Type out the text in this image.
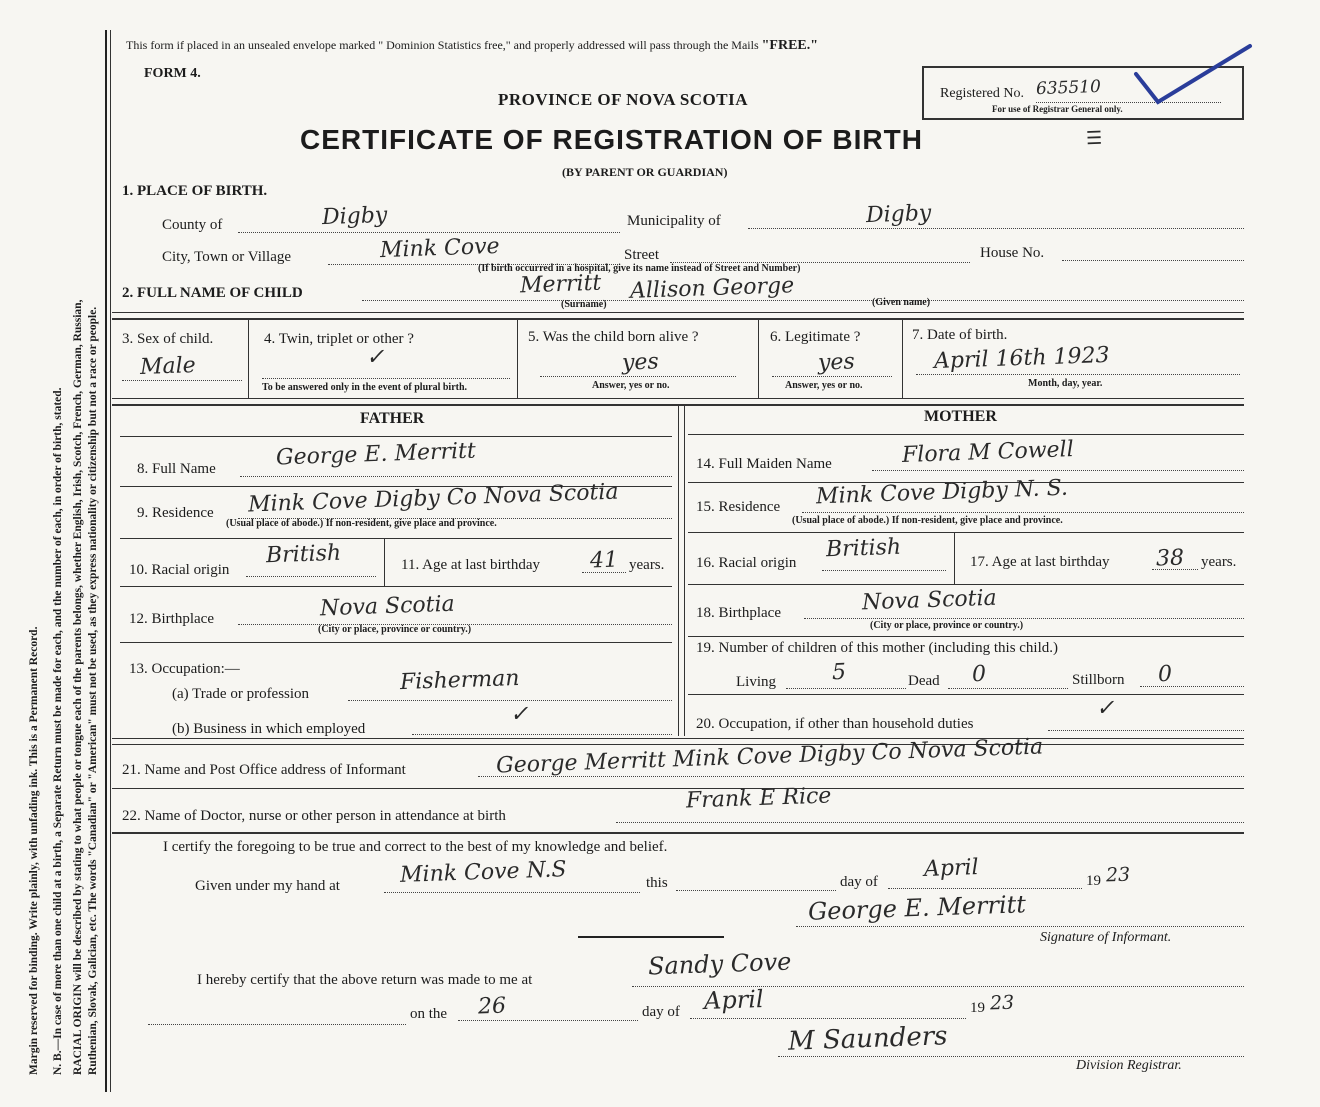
Margin reserved for binding. Write plainly, with unfading ink. This is a Permanent Record. N. B.—In case of more than one child at a birth, a Separate Return must be made for each, and the number of each, in order of birth, stated. RACIAL ORIGIN will be described by stating to what people or tongue each of the parents belongs, whether English, Irish, Scotch, French, German, Russian, Ruthenian, Slovak, Galician, etc. The words "Canadian" or "American" must not be used, as they express nationality or citizenship but not a race or people.
This form if placed in an unsealed envelope marked " Dominion Statistics free," and properly addressed will pass through the Mails "FREE."
FORM 4.
PROVINCE OF NOVA SCOTIA
CERTIFICATE OF REGISTRATION OF BIRTH
(BY PARENT OR GUARDIAN)
Registered No. 635510
For use of Registrar General only.
☰
1. PLACE OF BIRTH.
County of	Digby	Municipality of	Digby
City, Town or Village	Mink Cove	Street	House No.
(If birth occurred in a hospital, give its name instead of Street and Number)
2. FULL NAME OF CHILD	Merritt Allison George
(Surname)	(Given name)
3. Sex of child.
Male
4. Twin, triplet or other ?
✓
To be answered only in the event of plural birth.
5. Was the child born alive ?
yes
Answer, yes or no.
6. Legitimate ?
yes
Answer, yes or no.
7. Date of birth.
April 16th 1923
Month, day, year.
FATHER
8. Full Name	George E. Merritt
9. Residence Mink Cove Digby Co Nova Scotia
(Usual place of abode.) If non-resident, give place and province.
10. Racial origin
British	11. Age at last birthday 41 years.
12. Birthplace	Nova Scotia
(City or place, province or country.)
13. Occupation:—
(a) Trade or profession	Fisherman
(b) Business in which employed
✓
MOTHER
14. Full Maiden Name	Flora M Cowell
15. Residence Mink Cove Digby N. S.
(Usual place of abode.) If non-resident, give place and province.
16. Racial origin
British	17. Age at last birthday 38 years.
18. Birthplace	Nova Scotia
(City or place, province or country.)
19. Number of children of this mother (including this child.)
Living	5	Dead 0	Stillborn 0
20. Occupation, if other than household duties
✓
21. Name and Post Office address of Informant	George Merritt Mink Cove Digby Co Nova Scotia
22. Name of Doctor, nurse or other person in attendance at birth
Frank E Rice
I certify the foregoing to be true and correct to the best of my knowledge and belief.
Given under my hand at	Mink Cove N.S	this	day of
April	19 23
George E. Merritt
Signature of Informant.
I hereby certify that the above return was made to me at	Sandy Cove
on the 26	day of April	19 23
M Saunders
Division Registrar.
